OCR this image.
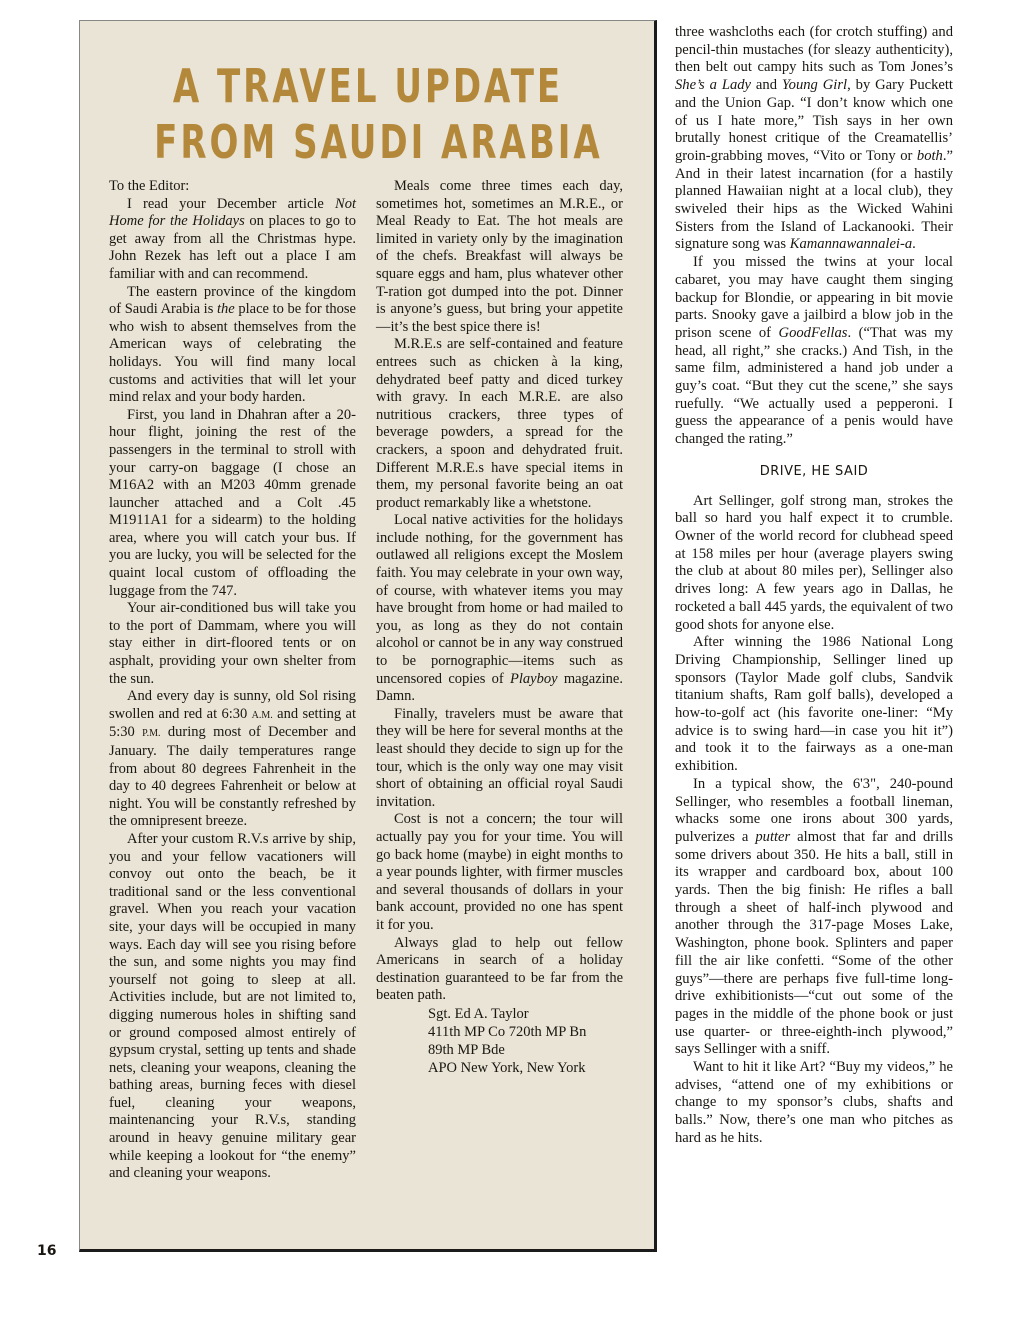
A TRAVEL UPDATE
FROM SAUDI ARABIA

To the Editor:

I read your December article Not Home for the Holidays on places to go to get away from all the Christmas hype. John Rezek has left out a place I am familiar with and can recommend.

The eastern province of the kingdom of Saudi Arabia is the place to be for those who wish to absent themselves from the American ways of celebrating the holidays. You will find many local customs and activities that will let your mind relax and your body harden.

First, you land in Dhahran after a 20-hour flight, joining the rest of the passengers in the terminal to stroll with your carry-on baggage (I chose an M16A2 with an M203 40mm grenade launcher attached and a Colt .45 M1911A1 for a sidearm) to the holding area, where you will catch your bus. If you are lucky, you will be selected for the quaint local custom of offloading the luggage from the 747.

Your air-conditioned bus will take you to the port of Dammam, where you will stay either in dirt-floored tents or on asphalt, providing your own shelter from the sun.

And every day is sunny, old Sol rising swollen and red at 6:30 A.M. and setting at 5:30 P.M. during most of December and January. The daily temperatures range from about 80 degrees Fahrenheit in the day to 40 degrees Fahrenheit or below at night. You will be constantly refreshed by the omnipresent breeze.

After your custom R.V.s arrive by ship, you and your fellow vacationers will convoy out onto the beach, be it traditional sand or the less conventional gravel. When you reach your vacation site, your days will be occupied in many ways. Each day will see you rising before the sun, and some nights you may find yourself not going to sleep at all. Activities include, but are not limited to, digging numerous holes in shifting sand or ground composed almost entirely of gypsum crystal, setting up tents and shade nets, cleaning your weapons, cleaning the bathing areas, burning feces with diesel fuel, cleaning your weapons, maintenancing your R.V.s, standing around in heavy genuine military gear while keeping a lookout for “the enemy” and cleaning your weapons.

Meals come three times each day, sometimes hot, sometimes an M.R.E., or Meal Ready to Eat. The hot meals are limited in variety only by the imagination of the chefs. Breakfast will always be square eggs and ham, plus whatever other T-ration got dumped into the pot. Dinner is anyone’s guess, but bring your appetite—it’s the best spice there is!

M.R.E.s are self-contained and feature entrees such as chicken à la king, dehydrated beef patty and diced turkey with gravy. In each M.R.E. are also nutritious crackers, three types of beverage powders, a spread for the crackers, a spoon and dehydrated fruit. Different M.R.E.s have special items in them, my personal favorite being an oat product remarkably like a whetstone.

Local native activities for the holidays include nothing, for the government has outlawed all religions except the Moslem faith. You may celebrate in your own way, of course, with whatever items you may have brought from home or had mailed to you, as long as they do not contain alcohol or cannot be in any way construed to be pornographic—items such as uncensored copies of Playboy magazine. Damn.

Finally, travelers must be aware that they will be here for several months at the least should they decide to sign up for the tour, which is the only way one may visit short of obtaining an official royal Saudi invitation.

Cost is not a concern; the tour will actually pay you for your time. You will go back home (maybe) in eight months to a year pounds lighter, with firmer muscles and several thousands of dollars in your bank account, provided no one has spent it for you.

Always glad to help out fellow Americans in search of a holiday destination guaranteed to be far from the beaten path.

Sgt. Ed A. Taylor
411th MP Co 720th MP Bn
89th MP Bde
APO New York, New York

three washcloths each (for crotch stuffing) and pencil-thin mustaches (for sleazy authenticity), then belt out campy hits such as Tom Jones’s She’s a Lady and Young Girl, by Gary Puckett and the Union Gap. “I don’t know which one of us I hate more,” Tish says in her own brutally honest critique of the Creamatellis’ groin-grabbing moves, “Vito or Tony or both.” And in their latest incarnation (for a hastily planned Hawaiian night at a local club), they swiveled their hips as the Wicked Wahini Sisters from the Island of Lackanooki. Their signature song was Kamannawannalei-a.

If you missed the twins at your local cabaret, you may have caught them singing backup for Blondie, or appearing in bit movie parts. Snooky gave a jailbird a blow job in the prison scene of GoodFellas. (“That was my head, all right,” she cracks.) And Tish, in the same film, administered a hand job under a guy’s coat. “But they cut the scene,” she says ruefully. “We actually used a pepperoni. I guess the appearance of a penis would have changed the rating.”

DRIVE, HE SAID

Art Sellinger, golf strong man, strokes the ball so hard you half expect it to crumble. Owner of the world record for clubhead speed at 158 miles per hour (average players swing the club at about 80 miles per), Sellinger also drives long: A few years ago in Dallas, he rocketed a ball 445 yards, the equivalent of two good shots for anyone else.

After winning the 1986 National Long Driving Championship, Sellinger lined up sponsors (Taylor Made golf clubs, Sandvik titanium shafts, Ram golf balls), developed a how-to-golf act (his favorite one-liner: “My advice is to swing hard—in case you hit it”) and took it to the fairways as a one-man exhibition.

In a typical show, the 6'3", 240-pound Sellinger, who resembles a football lineman, whacks some one irons about 300 yards, pulverizes a putter almost that far and drills some drivers about 350. He hits a ball, still in its wrapper and cardboard box, about 100 yards. Then the big finish: He rifles a ball through a sheet of half-inch plywood and another through the 317-page Moses Lake, Washington, phone book. Splinters and paper fill the air like confetti. “Some of the other guys”—there are perhaps five full-time long-drive exhibitionists—“cut out some of the pages in the middle of the phone book or just use quarter- or three-eighth-inch plywood,” says Sellinger with a sniff.

Want to hit it like Art? “Buy my videos,” he advises, “attend one of my exhibitions or change to my sponsor’s clubs, shafts and balls.” Now, there’s one man who pitches as hard as he hits.

16
